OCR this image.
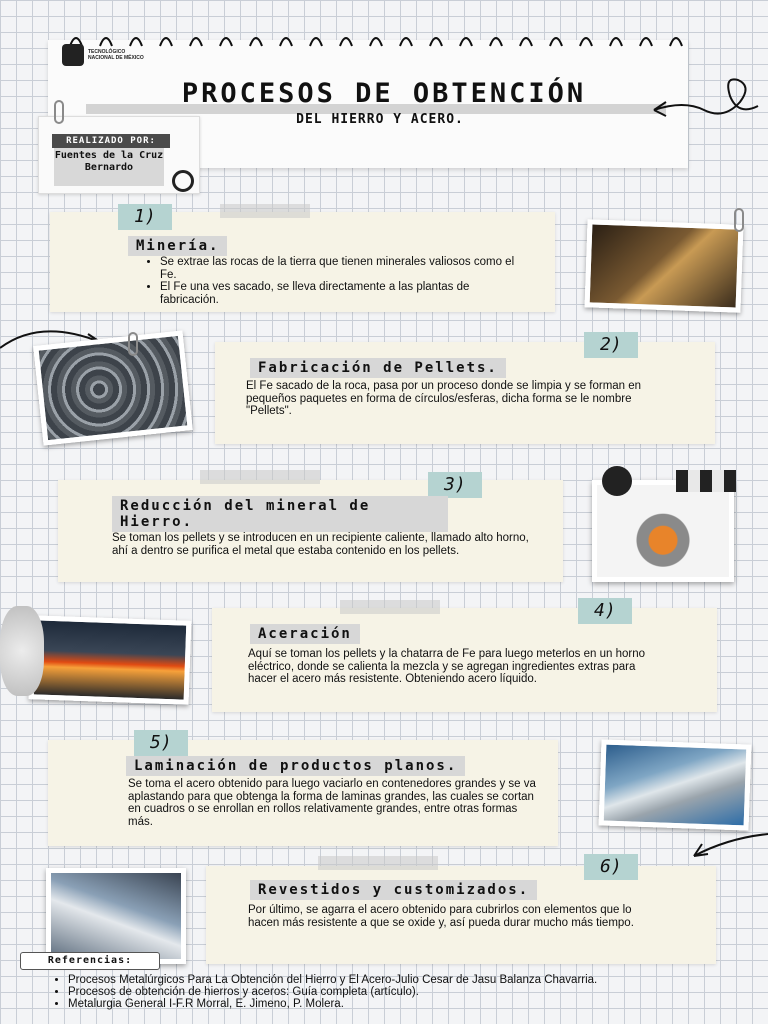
TECNOLÓGICO NACIONAL DE MÉXICO
PROCESOS DE OBTENCIÓN
DEL HIERRO Y ACERO.
REALIZADO POR:
Fuentes de la Cruz Bernardo
1)
Minería.
• Se extrae las rocas de la tierra que tienen minerales valiosos como el Fe.
• El Fe una ves sacado, se lleva directamente a las plantas de fabricación.
2)
Fabricación de Pellets.
El Fe sacado de la roca, pasa por un proceso donde se limpia y se forman en pequeños paquetes en forma de círculos/esferas, dicha forma se le nombre "Pellets".
3)
Reducción del mineral de Hierro.
Se toman los pellets y se introducen en un recipiente caliente, llamado alto horno, ahí a dentro se purifica el metal que estaba contenido en los pellets.
4)
Aceración
Aquí se toman los pellets y la chatarra de Fe para luego meterlos en un horno eléctrico, donde se calienta la mezcla y se agregan ingredientes extras para hacer el acero más resistente. Obteniendo acero líquido.
5)
Laminación de productos planos.
Se toma el acero obtenido para luego vaciarlo en contenedores grandes y se va aplastando para que obtenga la forma de laminas grandes, las cuales se cortan en cuadros o se enrollan en rollos relativamente grandes, entre otras formas más.
6)
Revestidos y customizados.
Por último, se agarra el acero obtenido para cubrirlos con elementos que lo hacen más resistente a que se oxide y, así pueda durar mucho más tiempo.
Referencias:
• Procesos Metalúrgicos Para La Obtención del Hierro y El Acero-Julio Cesar de Jasu Balanza Chavarria.
• Procesos de obtención de hierros y aceros: Guía completa (artículo).
• Metalurgia General I-F.R Morral, E. Jimeno, P. Molera.
